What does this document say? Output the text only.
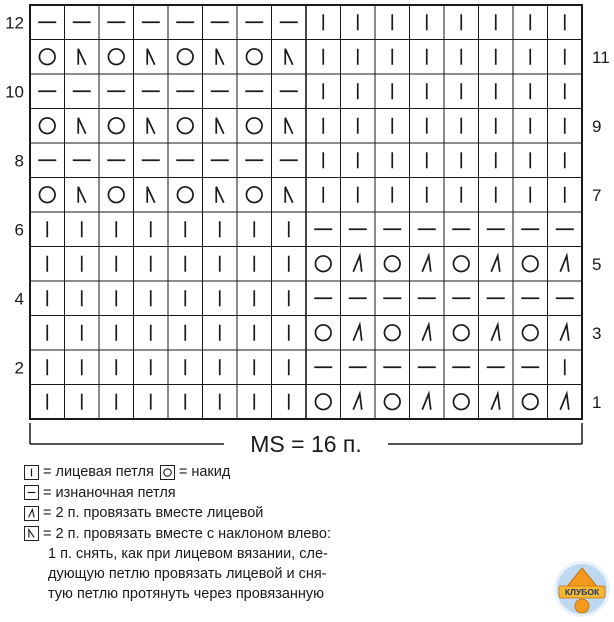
12
10
8
6
4
2
11
9
7
5
3
1
MS = 16 п.
= лицевая петля = накид
= изнаночная петля
= 2 п. провязать вместе лицевой
= 2 п. провязать вместе с наклоном влево:
1 п. снять, как при лицевом вязании, сле-
дующую петлю провязать лицевой и сня-
тую петлю протянуть через провязанную	КЛУБОК
